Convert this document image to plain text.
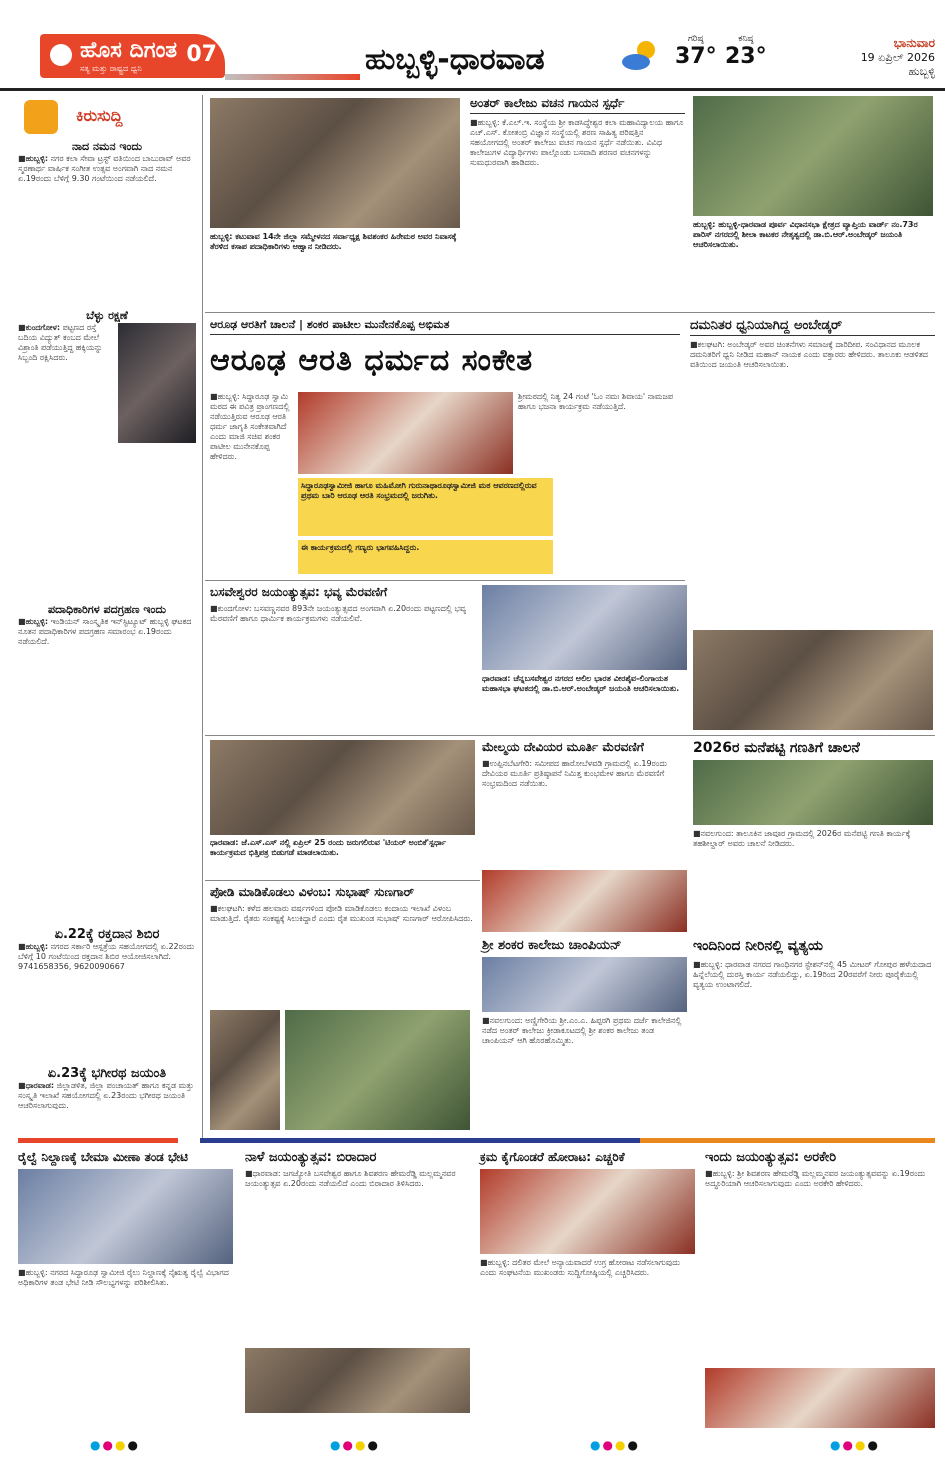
ಹೊಸ ದಿಗಂತ
ಸತ್ಯ ಮತ್ತು ರಾಷ್ಟ್ರದ ಧ್ವನಿ
07	ಹುಬ್ಬಳ್ಳಿ-ಧಾರವಾಡ
ಗರಿಷ್ಠ
37°
ಕನಿಷ್ಠ
23°
ಭಾನುವಾರ
19 ಏಪ್ರಿಲ್ 2026
ಹುಬ್ಬಳ್ಳಿ
ಕಿರುಸುದ್ದಿ
ನಾದ ನಮನ ಇಂದು
■ಹುಬ್ಬಳ್ಳಿ: ನಗರ ಕಲಾ ಸೇವಾ ಟ್ರಸ್ಟ್ ವತಿಯಿಂದ ಬಾಬುರಾವ್ ಅವರ ಸ್ಮರಣಾರ್ಥ ವಾರ್ಷಿಕ ಸಂಗೀತ ಉತ್ಸವ ಅಂಗವಾಗಿ ನಾದ ನಮನ ಏ.19ರಂದು ಬೆಳಿಗ್ಗೆ 9.30 ಗಂಟೆಯಿಂದ ನಡೆಯಲಿದೆ.
ಬೆಳ್ಳು ರಕ್ಷಣೆ
■ಕುಂದಗೋಳ: ಪಟ್ಟಣದ ರಸ್ತೆ ಬದಿಯ ವಿದ್ಯುತ್ ಕಂಬದ ಮೇಲೆ ವಿಶ್ರಾಂತಿ ಪಡೆಯುತ್ತಿದ್ದ ಹಕ್ಕಿಯನ್ನು ಸಿಬ್ಬಂದಿ ರಕ್ಷಿಸಿದರು.
ಪದಾಧಿಕಾರಿಗಳ ಪದಗ್ರಹಣ ಇಂದು
■ಹುಬ್ಬಳ್ಳಿ: ಇಂಡಿಯನ್ ಸಾಂಸ್ಕೃತಿಕ ಇನ್‌ಸ್ಟಿಟ್ಯೂಟ್ ಹುಬ್ಬಳ್ಳಿ ಘಟಕದ ನೂತನ ಪದಾಧಿಕಾರಿಗಳ ಪದಗ್ರಹಣ ಸಮಾರಂಭ ಏ.19ರಂದು ನಡೆಯಲಿದೆ.
ಏ.22ಕ್ಕೆ ರಕ್ತದಾನ ಶಿಬಿರ
■ಹುಬ್ಬಳ್ಳಿ: ನಗರದ ಸರ್ಕಾರಿ ಆಸ್ಪತ್ರೆಯ ಸಹಯೋಗದಲ್ಲಿ ಏ.22ರಂದು ಬೆಳಿಗ್ಗೆ 10 ಗಂಟೆಯಿಂದ ರಕ್ತದಾನ ಶಿಬಿರ ಆಯೋಜಿಸಲಾಗಿದೆ. 9741658356, 9620090667
ಏ.23ಕ್ಕೆ ಭಗೀರಥ ಜಯಂತಿ
■ಧಾರವಾಡ: ಜಿಲ್ಲಾಡಳಿತ, ಜಿಲ್ಲಾ ಪಂಚಾಯತ್ ಹಾಗೂ ಕನ್ನಡ ಮತ್ತು ಸಂಸ್ಕೃತಿ ಇಲಾಖೆ ಸಹಯೋಗದಲ್ಲಿ ಏ.23ರಂದು ಭಗೀರಥ ಜಯಂತಿ ಆಚರಿಸಲಾಗುವುದು.
ಹುಬ್ಬಳ್ಳಿ: ಕಟುವಾವ 14ನೇ ಜಿಲ್ಲಾ ಸಮ್ಮೇಳನದ ಸರ್ವಾಧ್ಯಕ್ಷ ಶಿವಶಂಕರ ಹಿರೇಮಠ ಅವರ ನಿವಾಸಕ್ಕೆ ತೆರಳಿದ ಕಸಾಪ ಪದಾಧಿಕಾರಿಗಳು ಆಹ್ವಾನ ನೀಡಿದರು.
ಅಂತರ್ ಕಾಲೇಜು ವಚನ ಗಾಯನ ಸ್ಪರ್ಧೆ
■ಹುಬ್ಬಳ್ಳಿ: ಕೆ.ಎಲ್.ಇ. ಸಂಸ್ಥೆಯ ಶ್ರೀ ಕಾಡಸಿದ್ಧೇಶ್ವರ ಕಲಾ ಮಹಾವಿದ್ಯಾಲಯ ಹಾಗೂ ಎಚ್.ಎಸ್. ಕೋತಂಬ್ರಿ ವಿಜ್ಞಾನ ಸಂಸ್ಥೆಯಲ್ಲಿ ಶರಣ ಸಾಹಿತ್ಯ ಪರಿಷತ್ತಿನ ಸಹಯೋಗದಲ್ಲಿ ಅಂತರ್ ಕಾಲೇಜು ವಚನ ಗಾಯನ ಸ್ಪರ್ಧೆ ನಡೆಯಿತು. ವಿವಿಧ ಕಾಲೇಜುಗಳ ವಿದ್ಯಾರ್ಥಿಗಳು ಪಾಲ್ಗೊಂಡು ಬಸವಾದಿ ಶರಣರ ವಚನಗಳನ್ನು ಸುಮಧುರವಾಗಿ ಹಾಡಿದರು.
ಹುಬ್ಬಳ್ಳಿ: ಹುಬ್ಬಳ್ಳಿ-ಧಾರವಾಡ ಪೂರ್ವ ವಿಧಾನಸಭಾ ಕ್ಷೇತ್ರದ ವ್ಯಾಪ್ತಿಯ ವಾರ್ಡ್ ನಂ.73ರ ಪಾರಿಸ್ ನಗರದಲ್ಲಿ ಶೀಲಾ ಕಾಟಕರ ನೇತೃತ್ವದಲ್ಲಿ ಡಾ.ಬಿ.ಆರ್.ಅಂಬೇಡ್ಕರ್ ಜಯಂತಿ ಆಚರಿಸಲಾಯಿತು.
ಆರೂಢ ಆರತಿಗೆ ಚಾಲನೆ | ಶಂಕರ ಪಾಟೀಲ ಮುನೇನಕೊಪ್ಪ ಅಭಿಮತ
ಆರೂಢ ಆರತಿ ಧರ್ಮದ ಸಂಕೇತ
■ಹುಬ್ಬಳ್ಳಿ: ಸಿದ್ಧಾರೂಢ ಸ್ವಾಮಿ ಮಠದ ಈ ಪವಿತ್ರ ಪ್ರಾಂಗಣದಲ್ಲಿ ನಡೆಯುತ್ತಿರುವ ಆರೂಢ ಆರತಿ ಧರ್ಮ ಜಾಗೃತಿ ಸಂಕೇತವಾಗಿದೆ ಎಂದು ಮಾಜಿ ಸಚಿವ ಶಂಕರ ಪಾಟೀಲ ಮುನೇನಕೊಪ್ಪ ಹೇಳಿದರು.
ಶ್ರೀಮಠದಲ್ಲಿ ನಿತ್ಯ 24 ಗಂಟೆ 'ಓಂ ನಮಃ ಶಿವಾಯ' ನಾಮಜಪ ಹಾಗೂ ಭಜನಾ ಕಾರ್ಯಕ್ರಮ ನಡೆಯುತ್ತಿದೆ.
ಸಿದ್ಧಾರೂಢಸ್ವಾಮೀಜಿ ಹಾಗೂ ಮಹಿಮೋಗಿ ಗುರುನಾಥಾರೂಢಸ್ವಾಮೀಜಿ ಮಠ ಆವರಣದಲ್ಲಿರುವ ಪ್ರಥಮ ಬಾರಿ ಆರೂಢ ಆರತಿ ಸಂಭ್ರಮದಲ್ಲಿ ಜರುಗಿತು.
ಈ ಕಾರ್ಯಕ್ರಮದಲ್ಲಿ ಗಣ್ಯರು ಭಾಗವಹಿಸಿದ್ದರು.
ದಮನಿತರ ಧ್ವನಿಯಾಗಿದ್ದ ಅಂಬೇಡ್ಕರ್
■ಕಲಘಟಗಿ: ಅಂಬೇಡ್ಕರ್ ಅವರ ಚಿಂತನೆಗಳು ಸಮಾಜಕ್ಕೆ ದಾರಿದೀಪ. ಸಂವಿಧಾನದ ಮೂಲಕ ದಮನಿತರಿಗೆ ಧ್ವನಿ ನೀಡಿದ ಮಹಾನ್ ನಾಯಕ ಎಂದು ವಕ್ತಾರರು ಹೇಳಿದರು. ತಾಲೂಕು ಆಡಳಿತದ ವತಿಯಿಂದ ಜಯಂತಿ ಆಚರಿಸಲಾಯಿತು.
ಬಸವೇಶ್ವರರ ಜಯಂತ್ಯುತ್ಸವ: ಭವ್ಯ ಮೆರವಣಿಗೆ
■ಕುಂದಗೋಳ: ಬಸವಣ್ಣನವರ 893ನೇ ಜಯಂತ್ಯುತ್ಸವದ ಅಂಗವಾಗಿ ಏ.20ರಂದು ಪಟ್ಟಣದಲ್ಲಿ ಭವ್ಯ ಮೆರವಣಿಗೆ ಹಾಗೂ ಧಾರ್ಮಿಕ ಕಾರ್ಯಕ್ರಮಗಳು ನಡೆಯಲಿವೆ.
ಧಾರವಾಡ: ಚೆನ್ನಬಸವೇಶ್ವರ ನಗರದ ಆಲಿಲ ಭಾರತ ವೀರಶೈವ-ಲಿಂಗಾಯತ ಮಹಾಸಭಾ ಘಟಕದಲ್ಲಿ ಡಾ.ಬಿ.ಆರ್.ಅಂಬೇಡ್ಕರ್ ಜಯಂತಿ ಆಚರಿಸಲಾಯಿತು.
ಧಾರವಾಡ: ಜೆ.ಎಸ್.ಎಸ್ ನಲ್ಲಿ ಏಪ್ರಿಲ್ 25 ರಂದು ಜರುಗಲಿರುವ 'ಟಿಯರ್ ಅಂಬಿಕೆ'ಸ್ಪರ್ಧಾ ಕಾರ್ಯಕ್ರಮದ ಭಿತ್ತಿಪತ್ರ ಬಿಡುಗಡೆ ಮಾಡಲಾಯಿತು.
ಮೇಲ್ಮಯ ದೇವಿಯರ ಮೂರ್ತಿ ಮೆರವಣಿಗೆ
■ಉಪ್ಪಿನಬೆಟಗೇರಿ: ಸಮೀಪದ ಹಾರೋಬೆಳವಡಿ ಗ್ರಾಮದಲ್ಲಿ ಏ.19ರಂದು ದೇವಿಯರ ಮೂರ್ತಿ ಪ್ರತಿಷ್ಠಾಪನೆ ನಿಮಿತ್ತ ಕುಂಭಮೇಳ ಹಾಗೂ ಮೆರವಣಿಗೆ ಸಂಭ್ರಮದಿಂದ ನಡೆಯಿತು.
2026ರ ಮನೆಪಟ್ಟಿ ಗಣತಿಗೆ ಚಾಲನೆ
■ನವಲಗುಂದ: ತಾಲೂಕಿನ ಜಾವೂರ ಗ್ರಾಮದಲ್ಲಿ 2026ರ ಮನೆಪಟ್ಟಿ ಗಣತಿ ಕಾರ್ಯಕ್ಕೆ ತಹಶೀಲ್ದಾರ್ ಅವರು ಚಾಲನೆ ನೀಡಿದರು.
ಪೋಡಿ ಮಾಡಿಕೊಡಲು ವಿಳಂಬ: ಸುಭಾಷ್ ಸುಣಗಾರ್
■ಕಲಘಟಗಿ: ಕಳೆದ ಹಲವಾರು ವರ್ಷಗಳಿಂದ ಪೋಡಿ ಮಾಡಿಕೊಡಲು ಕಂದಾಯ ಇಲಾಖೆ ವಿಳಂಬ ಮಾಡುತ್ತಿದೆ. ರೈತರು ಸಂಕಷ್ಟಕ್ಕೆ ಸಿಲುಕಿದ್ದಾರೆ ಎಂದು ರೈತ ಮುಖಂಡ ಸುಭಾಷ್ ಸುಣಗಾರ್ ಆರೋಪಿಸಿದರು.
ಶ್ರೀ ಶಂಕರ ಕಾಲೇಜು ಚಾಂಪಿಯನ್
■ನವಲಗುಂದ: ಅಣ್ಣಿಗೇರಿಯ ಶ್ರೀ.ಎಂ.ಎ. ಹಿಪ್ಪರಗಿ ಪ್ರಥಮ ದರ್ಜೆ ಕಾಲೇಜಿನಲ್ಲಿ ನಡೆದ ಅಂತರ್ ಕಾಲೇಜು ಕ್ರೀಡಾಕೂಟದಲ್ಲಿ ಶ್ರೀ ಶಂಕರ ಕಾಲೇಜು ತಂಡ ಚಾಂಪಿಯನ್ ಆಗಿ ಹೊರಹೊಮ್ಮಿತು.
ಇಂದಿನಿಂದ ನೀರಿನಲ್ಲಿ ವ್ಯತ್ಯಯ
■ಹುಬ್ಬಳ್ಳಿ: ಧಾರವಾಡ ನಗರದ ಗಾಂಧಿನಗರ ಸ್ಟೇಶನ್‌ನಲ್ಲಿ 45 ಮೀಟರ್ ಗೋಪುರ ಹಳೆಯದಾದ ಹಿನ್ನೆಲೆಯಲ್ಲಿ ದುರಸ್ತಿ ಕಾರ್ಯ ನಡೆಯಲಿದ್ದು, ಏ.19ರಿಂದ 20ರವರೆಗೆ ನೀರು ಪೂರೈಕೆಯಲ್ಲಿ ವ್ಯತ್ಯಯ ಉಂಟಾಗಲಿದೆ.
ರೈಲ್ವೆ ನಿಲ್ದಾಣಕ್ಕೆ ಬೇಮಾ ಮೀಣಾ ತಂಡ ಭೇಟಿ
■ಹುಬ್ಬಳ್ಳಿ: ನಗರದ ಸಿದ್ಧಾರೂಢ ಸ್ವಾಮೀಜಿ ರೈಲು ನಿಲ್ದಾಣಕ್ಕೆ ನೈಋತ್ಯ ರೈಲ್ವೆ ವಿಭಾಗದ ಅಧಿಕಾರಿಗಳ ತಂಡ ಭೇಟಿ ನೀಡಿ ಸೌಲಭ್ಯಗಳನ್ನು ಪರಿಶೀಲಿಸಿತು.
ನಾಳೆ ಜಯಂತ್ಯುತ್ಸವ: ಬಿರಾದಾರ
■ಧಾರವಾಡ: ಜಗಜ್ಯೋತಿ ಬಸವೇಶ್ವರ ಹಾಗೂ ಶಿವಶರಣ ಹೇಮರೆಡ್ಡಿ ಮಲ್ಲಮ್ಮನವರ ಜಯಂತ್ಯುತ್ಸವ ಏ.20ರಂದು ನಡೆಯಲಿದೆ ಎಂದು ಬಿರಾದಾರ ತಿಳಿಸಿದರು.
ಕ್ರಮ ಕೈಗೊಂಡರೆ ಹೋರಾಟ: ಎಚ್ಚರಿಕೆ
■ಹುಬ್ಬಳ್ಳಿ: ದಲಿತರ ಮೇಲೆ ಅನ್ಯಾಯವಾದರೆ ಉಗ್ರ ಹೋರಾಟ ನಡೆಸಲಾಗುವುದು ಎಂದು ಸಂಘಟನೆಯ ಮುಖಂಡರು ಸುದ್ದಿಗೋಷ್ಠಿಯಲ್ಲಿ ಎಚ್ಚರಿಸಿದರು.
ಇಂದು ಜಯಂತ್ಯುತ್ಸವ: ಅರಕೇರಿ
■ಹುಬ್ಬಳ್ಳಿ: ಶ್ರೀ ಶಿವಶರಣ ಹೇಮರೆಡ್ಡಿ ಮಲ್ಲಮ್ಮನವರ ಜಯಂತ್ಯುತ್ಸವವನ್ನು ಏ.19ರಂದು ಅದ್ಧೂರಿಯಾಗಿ ಆಚರಿಸಲಾಗುವುದು ಎಂದು ಅರಕೇರಿ ಹೇಳಿದರು.
●●●●	●●●●	●●●●	●●●●
